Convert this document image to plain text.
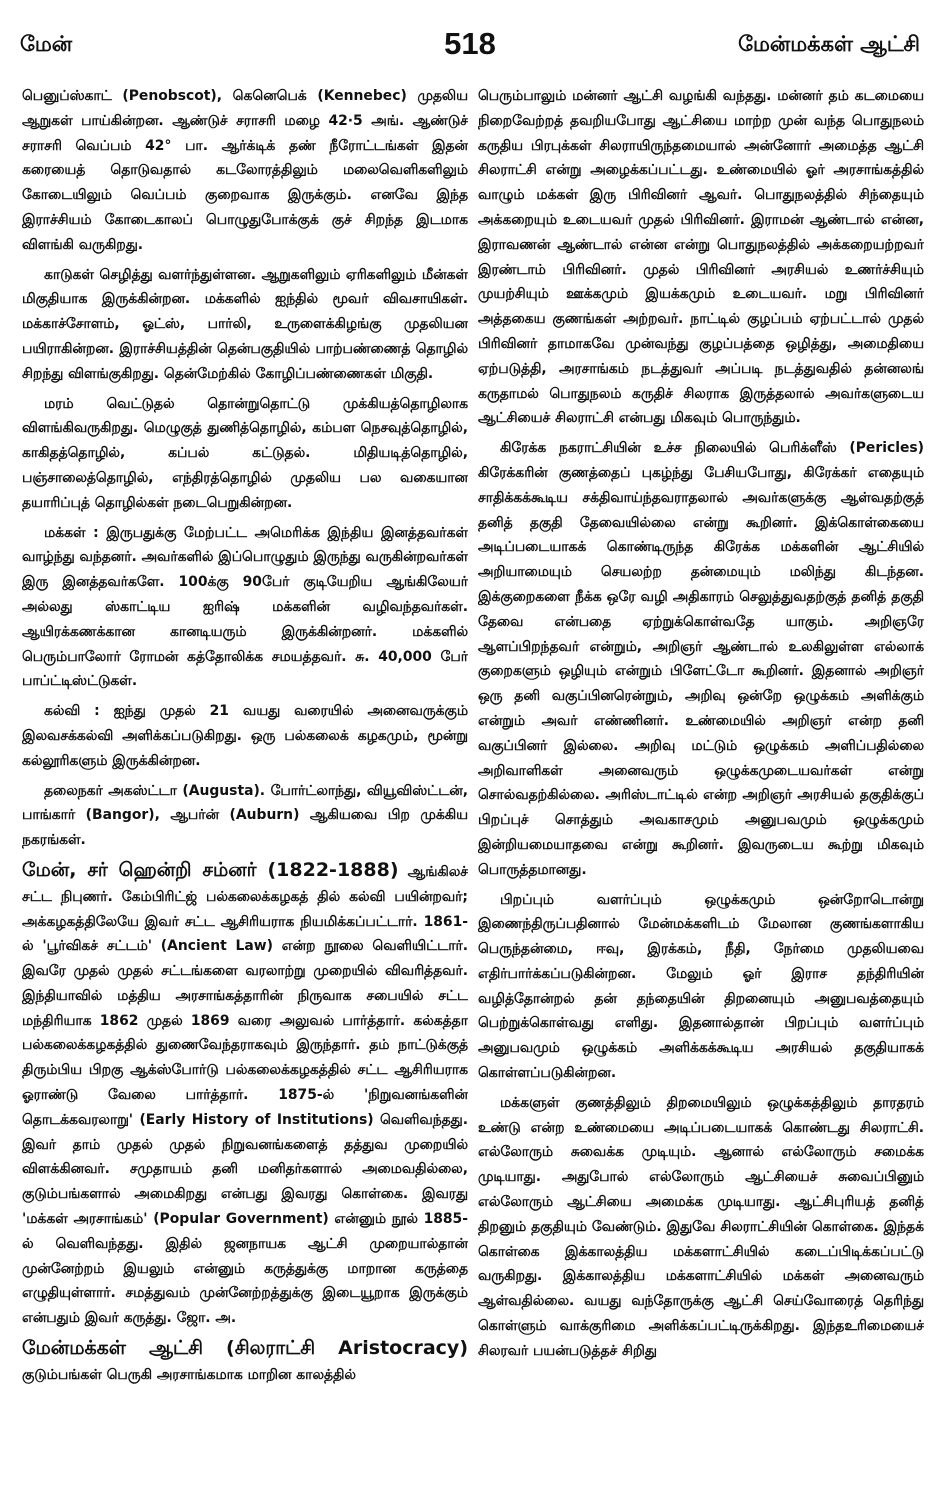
மேன்	518	மேன்மக்கள் ஆட்சி

பெனுப்ஸ்காட் (Penobscot), கெனெபெக் (Kennebec) முதலிய ஆறுகள் பாய்கின்றன. ஆண்டுச் சராசரி மழை 42·5 அங். ஆண்டுச் சராசரி வெப்பம் 42° பா. ஆர்க்டிக் தண் நீரோட்டங்கள் இதன் கரையைத் தொடுவதால் கடலோரத்திலும் மலைவெளிகளிலும் கோடையிலும் வெப்பம் குறைவாக இருக்கும். எனவே இந்த இராச்சியம் கோடைகாலப் பொழுதுபோக்குக் குச் சிறந்த இடமாக விளங்கி வருகிறது.

காடுகள் செழித்து வளர்ந்துள்ளன. ஆறுகளிலும் ஏரிகளிலும் மீன்கள் மிகுதியாக இருக்கின்றன. மக்களில் ஐந்தில் மூவர் விவசாயிகள். மக்காச்சோளம், ஓட்ஸ், பார்லி, உருளைக்கிழங்கு முதலியன பயிராகின்றன. இராச்சியத்தின் தென்பகுதியில் பாற்பண்ணைத் தொழில் சிறந்து விளங்குகிறது. தென்மேற்கில் கோழிப்பண்ணைகள் மிகுதி.

மரம் வெட்டுதல் தொன்றுதொட்டு முக்கியத்தொழிலாக விளங்கிவருகிறது. மெழுகுத் துணித்தொழில், கம்பள நெசவுத்தொழில், காகிதத்தொழில், கப்பல் கட்டுதல். மிதியடித்தொழில், பஞ்சாலைத்தொழில், எந்திரத்தொழில் முதலிய பல வகையான தயாரிப்புத் தொழில்கள் நடைபெறுகின்றன.

மக்கள் : இருபதுக்கு மேற்பட்ட அமெரிக்க இந்திய இனத்தவர்கள் வாழ்ந்து வந்தனர். அவர்களில் இப்பொழுதும் இருந்து வருகின்றவர்கள் இரு இனத்தவர்களே. 100க்கு 90பேர் குடியேறிய ஆங்கிலேயர் அல்லது ஸ்காட்டிய ஐரிஷ் மக்களின் வழிவந்தவர்கள். ஆயிரக்கணக்கான கானடியரும் இருக்கின்றனர். மக்களில் பெரும்பாலோர் ரோமன் கத்தோலிக்க சமயத்தவர். சு. 40,000 பேர் பாப்ட்டிஸ்ட்டுகள்.

கல்வி : ஐந்து முதல் 21 வயது வரையில் அனைவருக்கும் இலவசக்கல்வி அளிக்கப்படுகிறது. ஒரு பல்கலைக் கழகமும், மூன்று கல்லூரிகளும் இருக்கின்றன.

தலைநகர் அகஸ்ட்டா (Augusta). போர்ட்லாந்து, வியூவிஸ்ட்டன், பாங்கார் (Bangor), ஆபர்ன் (Auburn) ஆகியவை பிற முக்கிய நகரங்கள்.

மேன், சர் ஹென்றி சம்னர் (1822-1888) ஆங்கிலச் சட்ட நிபுணர். கேம்பிரிட்ஜ் பல்கலைக்கழகத் தில் கல்வி பயின்றவர்; அக்கழகத்திலேயே இவர் சட்ட ஆசிரியராக நியமிக்கப்பட்டார். 1861-ல் 'பூர்விகச் சட்டம்' (Ancient Law) என்ற நூலை வெளியிட்டார். இவரே முதல் முதல் சட்டங்களை வரலாற்று முறையில் விவரித்தவர். இந்தியாவில் மத்திய அரசாங்கத்தாரின் நிருவாக சபையில் சட்ட மந்திரியாக 1862 முதல் 1869 வரை அலுவல் பார்த்தார். கல்கத்தா பல்கலைக்கழகத்தில் துணைவேந்தராகவும் இருந்தார். தம் நாட்டுக்குத் திரும்பிய பிறகு ஆக்ஸ்போர்டு பல்கலைக்கழகத்தில் சட்ட ஆசிரியராக ஓராண்டு வேலை பார்த்தார். 1875-ல் 'நிறுவனங்களின் தொடக்கவரலாறு' (Early History of Institutions) வெளிவந்தது. இவர் தாம் முதல் முதல் நிறுவனங்களைத் தத்துவ முறையில் விளக்கினவர். சமுதாயம் தனி மனிதர்களால் அமைவதில்லை, குடும்பங்களால் அமைகிறது என்பது இவரது கொள்கை. இவரது 'மக்கள் அரசாங்கம்' (Popular Government) என்னும் நூல் 1885-ல் வெளிவந்தது. இதில் ஜனநாயக ஆட்சி முறையால்தான் முன்னேற்றம் இயலும் என்னும் கருத்துக்கு மாறான கருத்தை எழுதியுள்ளார். சமத்துவம் முன்னேற்றத்துக்கு இடையூறாக இருக்கும் என்பதும் இவர் கருத்து. ஜோ. அ.

மேன்மக்கள் ஆட்சி (சிலராட்சி Aristocracy) குடும்பங்கள் பெருகி அரசாங்கமாக மாறின காலத்தில்

பெரும்பாலும் மன்னர் ஆட்சி வழங்கி வந்தது. மன்னர் தம் கடமையை நிறைவேற்றத் தவறியபோது ஆட்சியை மாற்ற முன் வந்த பொதுநலம் கருதிய பிரபுக்கள் சிலராயிருந்தமையால் அன்னோர் அமைத்த ஆட்சி சிலராட்சி என்று அழைக்கப்பட்டது. உண்மையில் ஓர் அரசாங்கத்தில் வாழும் மக்கள் இரு பிரிவினர் ஆவர். பொதுநலத்தில் சிந்தையும் அக்கறையும் உடையவர் முதல் பிரிவினர். இராமன் ஆண்டால் என்ன, இராவணன் ஆண்டால் என்ன என்று பொதுநலத்தில் அக்கறையற்றவர் இரண்டாம் பிரிவினர். முதல் பிரிவினர் அரசியல் உணர்ச்சியும் முயற்சியும் ஊக்கமும் இயக்கமும் உடையவர். மறு பிரிவினர் அத்தகைய குணங்கள் அற்றவர். நாட்டில் குழப்பம் ஏற்பட்டால் முதல் பிரிவினர் தாமாகவே முன்வந்து குழப்பத்தை ஒழித்து, அமைதியை ஏற்படுத்தி, அரசாங்கம் நடத்துவர் அப்படி நடத்துவதில் தன்னலங் கருதாமல் பொதுநலம் கருதிச் சிலராக இருத்தலால் அவர்களுடைய ஆட்சியைச் சிலராட்சி என்பது மிகவும் பொருந்தும்.

கிரேக்க நகராட்சியின் உச்ச நிலையில் பெரிக்ளீஸ் (Pericles) கிரேக்கரின் குணத்தைப் புகழ்ந்து பேசியபோது, கிரேக்கர் எதையும் சாதிக்கக்கூடிய சக்திவாய்ந்தவராதலால் அவர்களுக்கு ஆள்வதற்குத் தனித் தகுதி தேவையில்லை என்று கூறினர். இக்கொள்கையை அடிப்படையாகக் கொண்டிருந்த கிரேக்க மக்களின் ஆட்சியில் அறியாமையும் செயலற்ற தன்மையும் மலிந்து கிடந்தன. இக்குறைகளை நீக்க ஒரே வழி அதிகாரம் செலுத்துவதற்குத் தனித் தகுதி தேவை என்பதை ஏற்றுக்கொள்வதே யாகும். அறிஞரே ஆளப்பிறந்தவர் என்றும், அறிஞர் ஆண்டால் உலகிலுள்ள எல்லாக் குறைகளும் ஒழியும் என்றும் பிளேட்டோ கூறினர். இதனால் அறிஞர் ஒரு தனி வகுப்பினரென்றும், அறிவு ஒன்றே ஒழுக்கம் அளிக்கும் என்றும் அவர் எண்ணினர். உண்மையில் அறிஞர் என்ற தனி வகுப்பினர் இல்லை. அறிவு மட்டும் ஒழுக்கம் அளிப்பதில்லை அறிவாளிகள் அனைவரும் ஒழுக்கமுடையவர்கள் என்று சொல்வதற்கில்லை. அரிஸ்டாட்டில் என்ற அறிஞர் அரசியல் தகுதிக்குப் பிறப்புச் சொத்தும் அவகாசமும் அனுபவமும் ஒழுக்கமும் இன்றியமையாதவை என்று கூறினர். இவருடைய கூற்று மிகவும் பொருத்தமானது.

பிறப்பும் வளர்ப்பும் ஒழுக்கமும் ஒன்றோடொன்று இணைந்திருப்பதினால் மேன்மக்களிடம் மேலான குணங்களாகிய பெருந்தன்மை, ஈவு, இரக்கம், நீதி, நேர்மை முதலியவை எதிர்பார்க்கப்படுகின்றன. மேலும் ஓர் இராச தந்திரியின் வழித்தோன்றல் தன் தந்தையின் திறனையும் அனுபவத்தையும் பெற்றுக்கொள்வது எளிது. இதனால்தான் பிறப்பும் வளர்ப்பும் அனுபவமும் ஒழுக்கம் அளிக்கக்கூடிய அரசியல் தகுதியாகக் கொள்ளப்படுகின்றன.

மக்களுள் குணத்திலும் திறமையிலும் ஒழுக்கத்திலும் தாரதரம் உண்டு என்ற உண்மையை அடிப்படையாகக் கொண்டது சிலராட்சி. எல்லோரும் சுவைக்க முடியும். ஆனால் எல்லோரும் சமைக்க முடியாது. அதுபோல் எல்லோரும் ஆட்சியைச் சுவைப்பினும் எல்லோரும் ஆட்சியை அமைக்க முடியாது. ஆட்சிபுரியத் தனித் திறனும் தகுதியும் வேண்டும். இதுவே சிலராட்சியின் கொள்கை. இந்தக் கொள்கை இக்காலத்திய மக்களாட்சியில் கடைப்பிடிக்கப்பட்டு வருகிறது. இக்காலத்திய மக்களாட்சியில் மக்கள் அனைவரும் ஆள்வதில்லை. வயது வந்தோருக்கு ஆட்சி செய்வோரைத் தெரிந்து கொள்ளும் வாக்குரிமை அளிக்கப்பட்டிருக்கிறது. இந்தஉரிமையைச் சிலரவர் பயன்படுத்தச் சிறிது
